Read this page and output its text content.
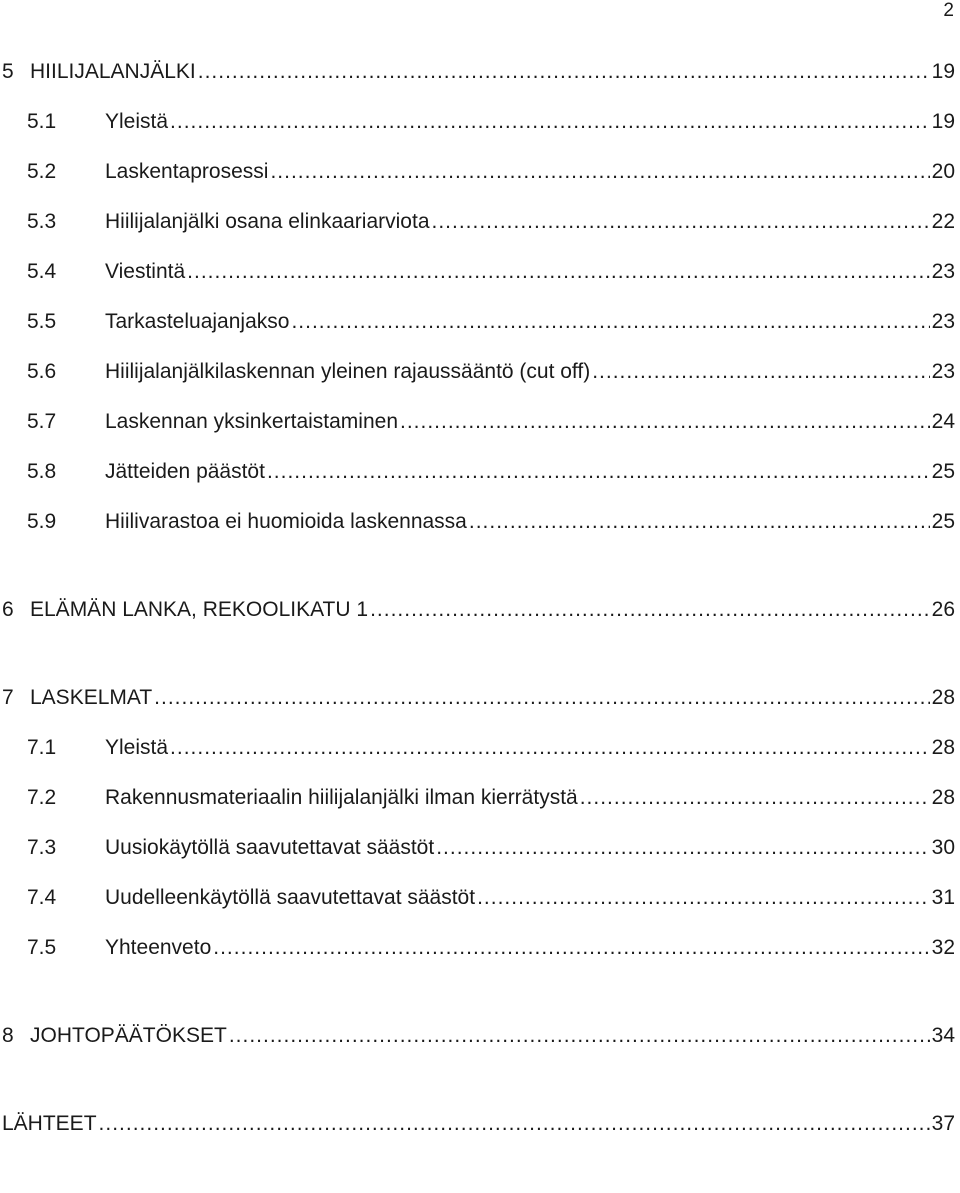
2
5 HIILIJALANJÄLKI .....	19
5.1	Yleistä .....	19
5.2	Laskentaprosessi .....	20
5.3	Hiilijalanjälki osana elinkaariarviota .....	22
5.4	Viestintä .....	23
5.5	Tarkasteluajanjakso .....	23
5.6	Hiilijalanjälkilaskennan yleinen rajaussääntö (cut off) .....	23
5.7	Laskennan yksinkertaistaminen .....	24
5.8	Jätteiden päästöt .....	25
5.9	Hiilivarastoa ei huomioida laskennassa .....	25
6 ELÄMÄN LANKA, REKOOLIKATU 1 .....	26
7 LASKELMAT .....	28
7.1	Yleistä .....	28
7.2	Rakennusmateriaalin hiilijalanjälki ilman kierrätystä .....	28
7.3	Uusiokäytöllä saavutettavat säästöt .....	30
7.4	Uudelleenkäytöllä saavutettavat säästöt .....	31
7.5	Yhteenveto .....	32
8 JOHTOPÄÄTÖKSET .....	34
LÄHTEET .....	37
